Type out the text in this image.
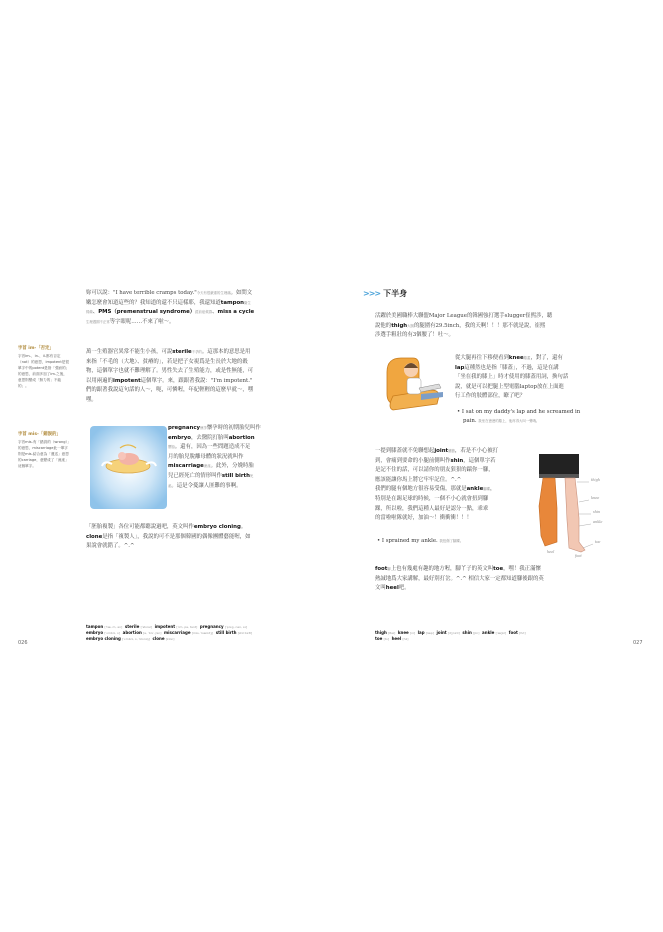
字首 im-「否定」
字首im-、in-、il-都有否定（not）的意思，impotent是很單字中的potent是指「強而的」的意思，前面多加了im-之後，意思則變成「無力的；不能的」。
字首 mis-「錯誤的」
字首mis-有「錯誤的（wrong）」的意思，miscarriage此一單字則是mis-結合意為「運送」意思的carriage，意變成了「流產」這個單字。
妳可以說："I have terrible cramps today."今天有很嚴重的生理痛。如問文
嫩怎麼會知道這些的？我知道的還不只這樣耶，我還知道tampon衛生
棉條、PMS（premenstrual syndrome）經前症候群、miss a cycle
生理週期不正常等字眼呢……不來了啦～。
萬一生殖器官異常不能生小孩，可說sterile不孕的。這那本的意思是用
來指「不毛的（大地）、貧瘠的」，若是把子女視爲是生長於大地的穀
物，這個單字也就不難理解了。男性失去了生殖能力，或是性無能，可
以用兩遍的impotent這個單字。來，跟跟著我說："I'm impotent."
們的跟著我說這句話的人～，呃，可憐喔，年紀輕輕的這麼早就～，嘿
嘿。
pregnancy懷孕懷孕時的初期胎兒叫作
embryo，去醫院打胎叫abortion
墮胎。還有，因為一些問題造成不足
月的胎兒脫離母體的狀況就叫作
miscarriage流產。此外，分娩時胎
兒已經死亡的情形叫作still birth死
產。這是令憂讓人匪難的事啊。
「胚胎複製」各位可能都聽說過吧，英文叫作embryo cloning。
clone是指「複製人」，我說的可不是那個韓國的偶像團體藝能喔，如
果說會就錯了。^.^
tampon [ˈtæ, m, ən] sterile [ˈstɛrəl] impotent [ˈɪm, pə, tənt] pregnancy [ˈprɛg, nən, sɪ]
embryo [ˈɛmbrɪ, o] abortion [ə, ˈbɔr, ʃən] miscarriage [mɪs, ˈkærɪdʒ] still birth [stɪl bɝθ]
embryo cloning [ˈɛmbrɪ, o, ˈklonɪŋ] clone [klon]
026
>>> 下半身
活躍於美國職棒大聯盟Major League的韓國強打選手slugger崔熙涉，聽
說他的thigh大腿的腿圍有29.5inch，我的天啊！！！那不就是說，崔熙
涉選手粗壯的有3個腰了！吐～。
從大腿再往下移便看到knee膝蓋，對了，還有
lap這種然也是指「膝蓋」，不過，這是在講
「坐在我的膝上」時才使用的膝蓋用詞，換句話
說，就是可以把腿上型電腦laptop放在上面進
行工作的肢體部位，瞭了吧？
• I sat on my daddy's lap and he screamed in
pain. 我坐在爸爸的膝上，他疼得大叫一聲哦。
一提到膝蓋就不免聯想起joint關節，若是不小心被打
到，會痛到要命的小腿前側叫作shin，這個單字若
是記不住的話，可以請你的朋友狠狠的踹你一腳，
應該能讓你馬上將它牢牢記住。^.^
我們的腿有個地方很容易受傷，那就是ankle腳踝，
特別是在踢足球的時候，一個不小心就會扭到腳
踝，所以啦，我們這種人最好是認分一點，乖乖
的當啦啦隊就好，加油～！衝衝衝！！！
• I sprained my ankle. 我扭傷了腳踝。
thigh
knee
shin
ankle
toe
heel
foot
foot腳上也有幾處有趣的地方喔，腳丫子的英文叫toe，嘿！我正滿懷
熱誠地爲大家講解，最好別打岔。^.^ 相信大家一定都知道腳後跟的英
文叫heel吧。
thigh [θaɪ] knee [ni] lap [læp] joint [dʒɔɪnt] shin [ʃɪn] ankle [ˈæŋkl] foot [fut]
toe [to] heel [hil]
027
